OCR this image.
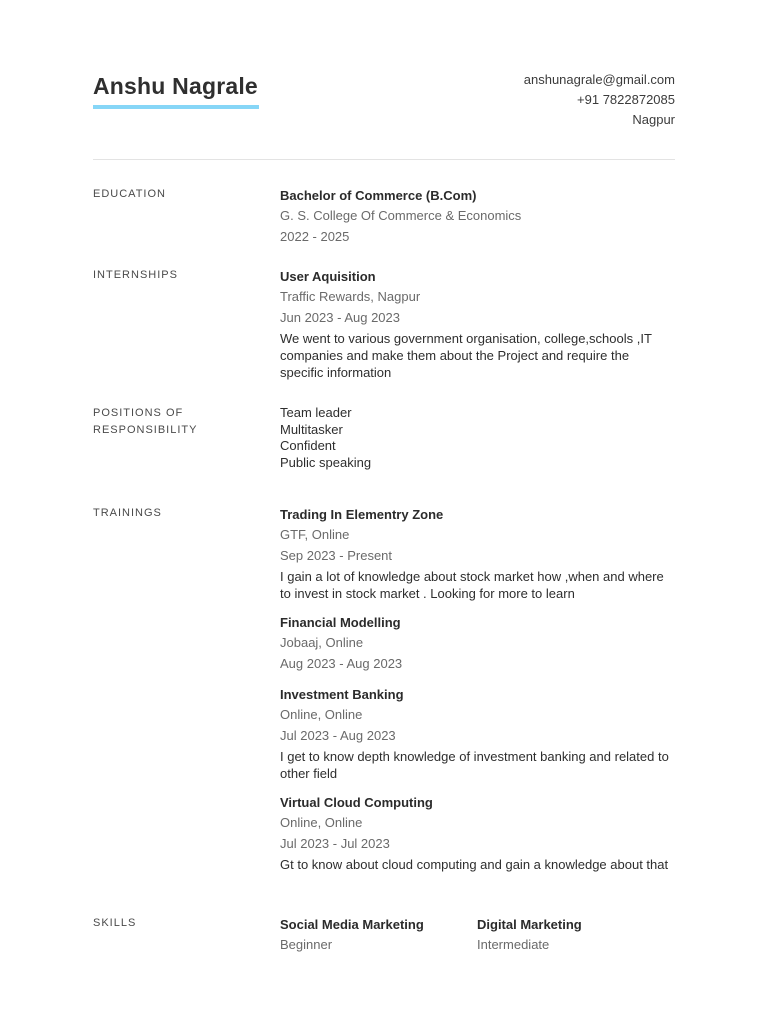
Anshu Nagrale	anshunagrale@gmail.com
+91 7822872085
Nagpur
EDUCATION	Bachelor of Commerce (B.Com)
G. S. College Of Commerce & Economics
2022 - 2025
INTERNSHIPS	User Aquisition
Traffic Rewards, Nagpur
Jun 2023 - Aug 2023
We went to various government organisation, college,schools ,IT companies and make them about the Project and require the specific information
POSITIONS OF
RESPONSIBILITY
Team leader
Multitasker
Confident
Public speaking
TRAININGS	Trading In Elementry Zone
GTF, Online
Sep 2023 - Present
I gain a lot of knowledge about stock market how ,when and where to invest in stock market . Looking for more to learn
Financial Modelling
Jobaaj, Online
Aug 2023 - Aug 2023
Investment Banking
Online, Online
Jul 2023 - Aug 2023
I get to know depth knowledge of investment banking and related to other field
Virtual Cloud Computing
Online, Online
Jul 2023 - Jul 2023
Gt to know about cloud computing and gain a knowledge about that
SKILLS	Social Media Marketing
Beginner
Digital Marketing
Intermediate
